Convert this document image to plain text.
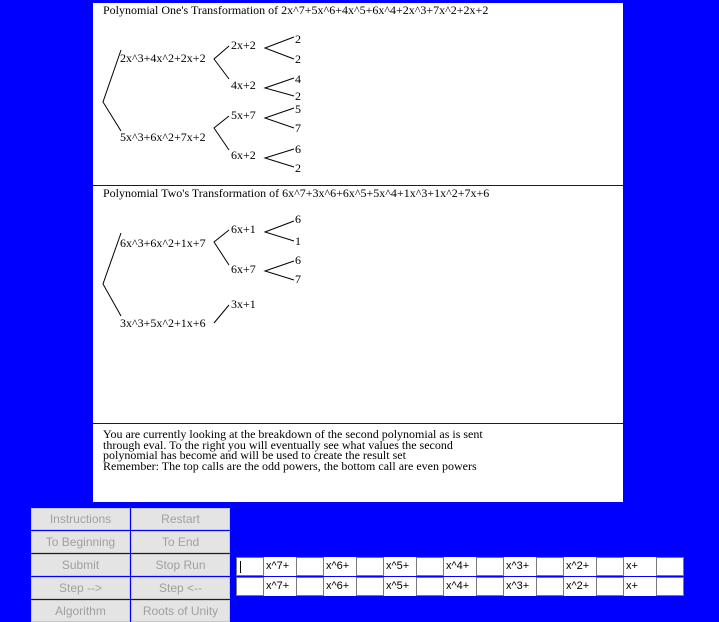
Polynomial One's Transformation of 2x^7+5x^6+4x^5+6x^4+2x^3+7x^2+2x+2
2x^3+4x^2+2x+2
5x^3+6x^2+7x+2
2x+2
4x+2
5x+7
6x+2
2
2
4
2
5
7
6
2
Polynomial Two's Transformation of 6x^7+3x^6+6x^5+5x^4+1x^3+1x^2+7x+6
6x^3+6x^2+1x+7
3x^3+5x^2+1x+6
6x+1
6x+7
3x+1
6
1
6
7
You are currently looking at the breakdown of the second polynomial as is sent
through eval. To the right you will eventually see what values the second
polynomial has become and will be used to create the result set
Remember: The top calls are the odd powers, the bottom call are even powers
Instructions	Restart
To Beginning	To End
Submit	Stop Run
Step -->	Step <--
Algorithm	Roots of Unity
x^7+	x^6+	x^5+	x^4+	x^3+	x^2+	x+
x^7+	x^6+	x^5+	x^4+	x^3+	x^2+	x+
